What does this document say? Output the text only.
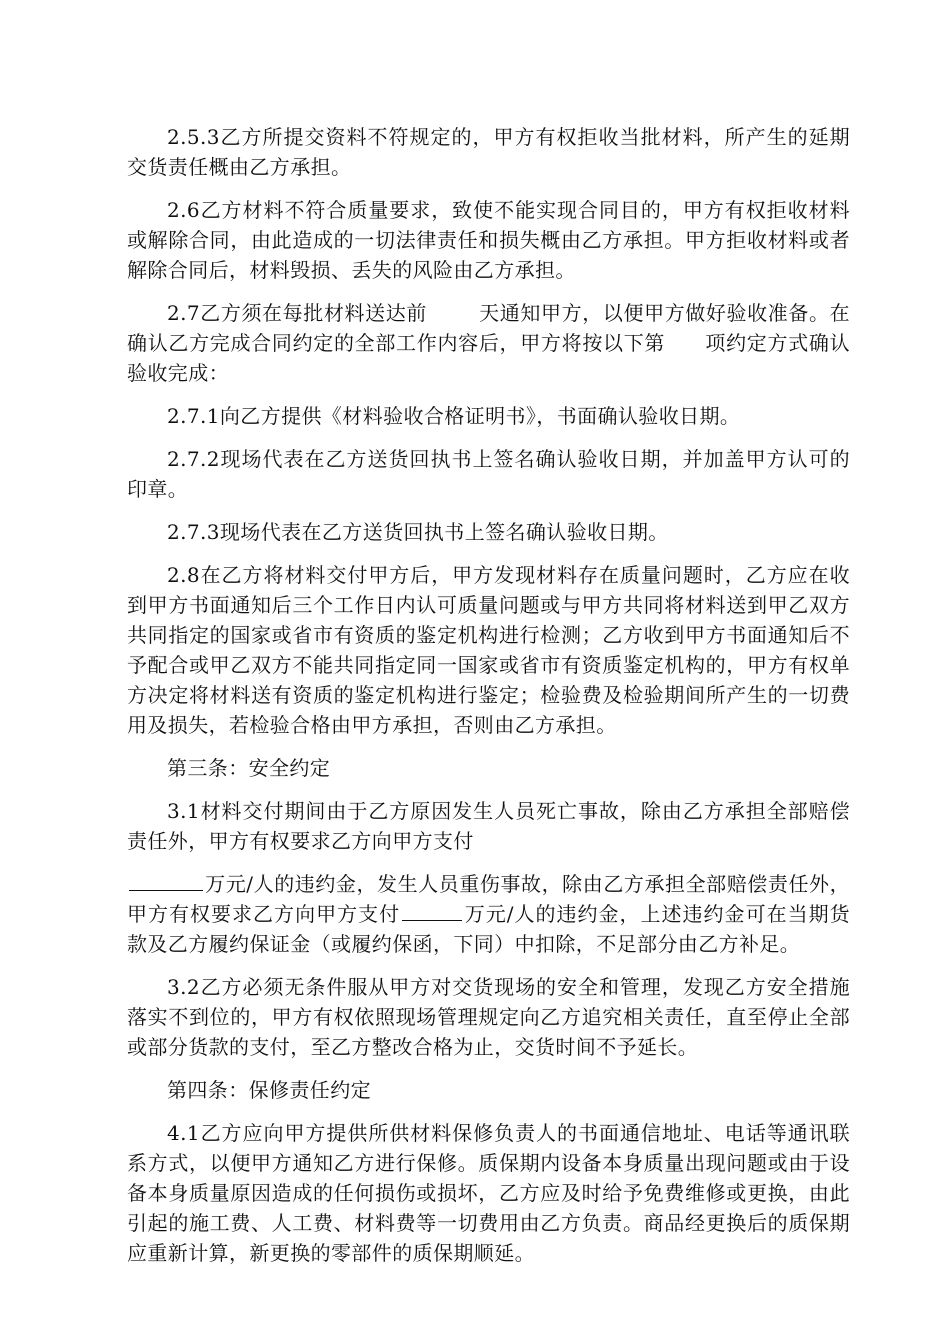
2.5.3乙方所提交资料不符规定的，甲方有权拒收当批材料，所产生的延期交货责任概由乙方承担。

2.6乙方材料不符合质量要求，致使不能实现合同目的，甲方有权拒收材料或解除合同，由此造成的一切法律责任和损失概由乙方承担。甲方拒收材料或者解除合同后，材料毁损、丢失的风险由乙方承担。

2.7乙方须在每批材料送达前	天通知甲方，以便甲方做好验收准备。在确认乙方完成合同约定的全部工作内容后，甲方将按以下第 项约定方式确认验收完成：

2.7.1向乙方提供《材料验收合格证明书》，书面确认验收日期。

2.7.2现场代表在乙方送货回执书上签名确认验收日期，并加盖甲方认可的印章。

2.7.3现场代表在乙方送货回执书上签名确认验收日期。

2.8在乙方将材料交付甲方后，甲方发现材料存在质量问题时，乙方应在收到甲方书面通知后三个工作日内认可质量问题或与甲方共同将材料送到甲乙双方共同指定的国家或省市有资质的鉴定机构进行检测；乙方收到甲方书面通知后不予配合或甲乙双方不能共同指定同一国家或省市有资质鉴定机构的，甲方有权单方决定将材料送有资质的鉴定机构进行鉴定；检验费及检验期间所产生的一切费用及损失，若检验合格由甲方承担，否则由乙方承担。

第三条：安全约定

3.1材料交付期间由于乙方原因发生人员死亡事故，除由乙方承担全部赔偿责任外，甲方有权要求乙方向甲方支付

万元/人的违约金，发生人员重伤事故，除由乙方承担全部赔偿责任外，甲方有权要求乙方向甲方支付	万元/人的违约金，上述违约金可在当期货款及乙方履约保证金（或履约保函，下同）中扣除，不足部分由乙方补足。

3.2乙方必须无条件服从甲方对交货现场的安全和管理，发现乙方安全措施落实不到位的，甲方有权依照现场管理规定向乙方追究相关责任，直至停止全部或部分货款的支付，至乙方整改合格为止，交货时间不予延长。

第四条：保修责任约定

4.1乙方应向甲方提供所供材料保修负责人的书面通信地址、电话等通讯联系方式，以便甲方通知乙方进行保修。质保期内设备本身质量出现问题或由于设备本身质量原因造成的任何损伤或损坏，乙方应及时给予免费维修或更换，由此引起的施工费、人工费、材料费等一切费用由乙方负责。商品经更换后的质保期应重新计算，新更换的零部件的质保期顺延。
